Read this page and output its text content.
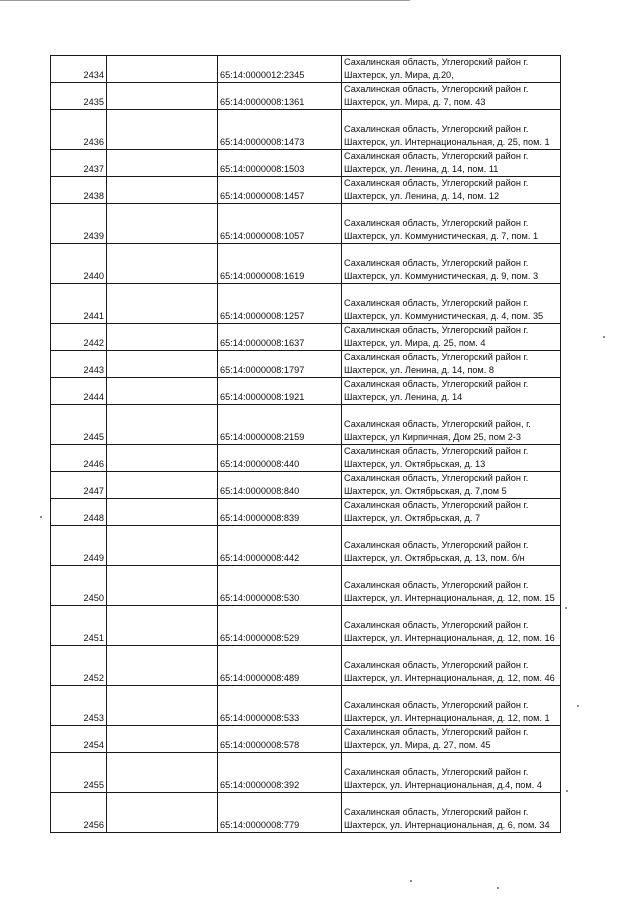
2434		65:14:0000012:2345	Сахалинская область, Углегорский район г. Шахтерск, ул. Мира, д.20,
2435		65:14:0000008:1361	Сахалинская область, Углегорский район г. Шахтерск, ул. Мира, д. 7, пом. 43
2436		65:14:0000008:1473	Сахалинская область, Углегорский район г. Шахтерск, ул. Интернациональная, д. 25, пом. 1
2437		65:14:0000008:1503	Сахалинская область, Углегорский район г. Шахтерск, ул. Ленина, д. 14, пом. 11
2438		65:14:0000008:1457	Сахалинская область, Углегорский район г. Шахтерск, ул. Ленина, д. 14, пом. 12
2439		65:14:0000008:1057	Сахалинская область, Углегорский район г. Шахтерск, ул. Коммунистическая, д. 7, пом. 1
2440		65:14:0000008:1619	Сахалинская область, Углегорский район г. Шахтерск, ул. Коммунистическая, д. 9, пом. 3
2441		65:14:0000008:1257	Сахалинская область, Углегорский район г. Шахтерск, ул. Коммунистическая, д. 4, пом. 35
2442		65:14:0000008:1637	Сахалинская область, Углегорский район г. Шахтерск, ул. Мира, д. 25, пом. 4
2443		65:14:0000008:1797	Сахалинская область, Углегорский район г. Шахтерск, ул. Ленина, д. 14, пом. 8
2444		65:14:0000008:1921	Сахалинская область, Углегорский район г. Шахтерск, ул. Ленина, д. 14
2445		65:14:0000008:2159	Сахалинская область, Углегорский район, г. Шахтерск, ул Кирпичная, Дом 25, пом 2-3
2446		65:14:0000008:440	Сахалинская область, Углегорский район г. Шахтерск, ул. Октябрьская, д. 13
2447		65:14:0000008:840	Сахалинская область, Углегорский район г. Шахтерск, ул. Октябрьская, д. 7,пом 5
2448		65:14:0000008:839	Сахалинская область, Углегорский район г. Шахтерск, ул. Октябрьская, д. 7
2449		65:14:0000008:442	Сахалинская область, Углегорский район г. Шахтерск, ул. Октябрьская, д. 13, пом. б/н
2450		65:14:0000008:530	Сахалинская область, Углегорский район г. Шахтерск, ул. Интернациональная, д. 12, пом. 15
2451		65:14:0000008:529	Сахалинская область, Углегорский район г. Шахтерск, ул. Интернациональная, д. 12, пом. 16
2452		65:14:0000008:489	Сахалинская область, Углегорский район г. Шахтерск, ул. Интернациональная, д. 12, пом. 46
2453		65:14:0000008:533	Сахалинская область, Углегорский район г. Шахтерск, ул. Интернациональная, д. 12, пом. 1
2454		65:14:0000008:578	Сахалинская область, Углегорский район г. Шахтерск, ул. Мира, д. 27, пом. 45
2455		65:14:0000008:392	Сахалинская область, Углегорский район г. Шахтерск, ул. Интернациональная, д.4, пом. 4
2456		65:14:0000008:779	Сахалинская область, Углегорский район г. Шахтерск, ул. Интернациональная, д. 6, пом. 34
